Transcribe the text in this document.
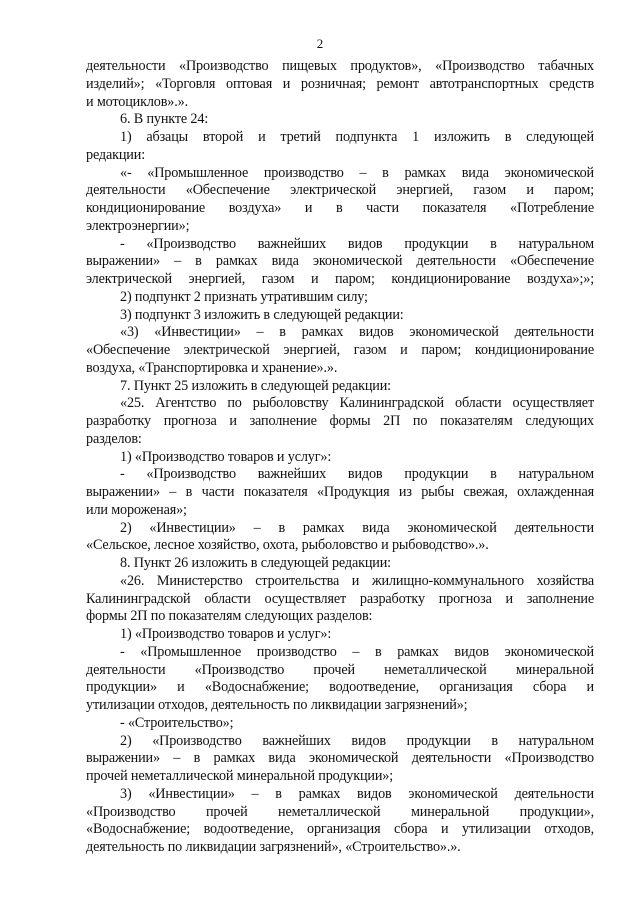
2
деятельности «Производство пищевых продуктов», «Производство табачных
изделий»; «Торговля оптовая и розничная; ремонт автотранспортных средств
и мотоциклов».».
6. В пункте 24:
1) абзацы второй и третий подпункта 1 изложить в следующей
редакции:
«- «Промышленное производство – в рамках вида экономической
деятельности «Обеспечение электрической энергией, газом и паром;
кондиционирование воздуха» и в части показателя «Потребление
электроэнергии»;
- «Производство важнейших видов продукции в натуральном
выражении» – в рамках вида экономической деятельности «Обеспечение
электрической энергией, газом и паром; кондиционирование воздуха»;»;
2) подпункт 2 признать утратившим силу;
3) подпункт 3 изложить в следующей редакции:
«3) «Инвестиции» – в рамках видов экономической деятельности
«Обеспечение электрической энергией, газом и паром; кондиционирование
воздуха, «Транспортировка и хранение».».
7. Пункт 25 изложить в следующей редакции:
«25. Агентство по рыболовству Калининградской области осуществляет
разработку прогноза и заполнение формы 2П по показателям следующих
разделов:
1) «Производство товаров и услуг»:
- «Производство важнейших видов продукции в натуральном
выражении» – в части показателя «Продукция из рыбы свежая, охлажденная
или мороженая»;
2) «Инвестиции» – в рамках вида экономической деятельности
«Сельское, лесное хозяйство, охота, рыболовство и рыбоводство».».
8. Пункт 26 изложить в следующей редакции:
«26. Министерство строительства и жилищно-коммунального хозяйства
Калининградской области осуществляет разработку прогноза и заполнение
формы 2П по показателям следующих разделов:
1) «Производство товаров и услуг»:
- «Промышленное производство – в рамках видов экономической
деятельности «Производство прочей неметаллической минеральной
продукции» и «Водоснабжение; водоотведение, организация сбора и
утилизации отходов, деятельность по ликвидации загрязнений»;
- «Строительство»;
2) «Производство важнейших видов продукции в натуральном
выражении» – в рамках вида экономической деятельности «Производство
прочей неметаллической минеральной продукции»;
3) «Инвестиции» – в рамках видов экономической деятельности
«Производство прочей неметаллической минеральной продукции»,
«Водоснабжение; водоотведение, организация сбора и утилизации отходов,
деятельность по ликвидации загрязнений», «Строительство».».
